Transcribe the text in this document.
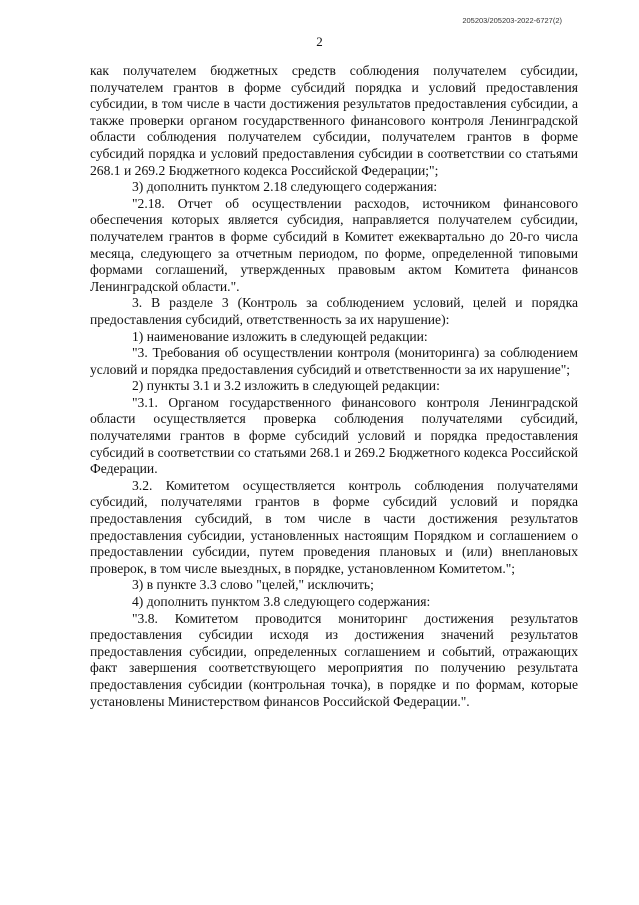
205203/205203-2022-6727(2)
2

как получателем бюджетных средств соблюдения получателем субсидии, получателем грантов в форме субсидий порядка и условий предоставления субсидии, в том числе в части достижения результатов предоставления субсидии, а также проверки органом государственного финансового контроля Ленинградской области соблюдения получателем субсидии, получателем грантов в форме субсидий порядка и условий предоставления субсидии в соответствии со статьями 268.1 и 269.2 Бюджетного кодекса Российской Федерации;";

3) дополнить пунктом 2.18 следующего содержания:

"2.18. Отчет об осуществлении расходов, источником финансового обеспечения которых является субсидия, направляется получателем субсидии, получателем грантов в форме субсидий в Комитет ежеквартально до 20-го числа месяца, следующего за отчетным периодом, по форме, определенной типовыми формами соглашений, утвержденных правовым актом Комитета финансов Ленинградской области.".

3. В разделе 3 (Контроль за соблюдением условий, целей и порядка предоставления субсидий, ответственность за их нарушение):

1) наименование изложить в следующей редакции:

"3. Требования об осуществлении контроля (мониторинга) за соблюдением условий и порядка предоставления субсидий и ответственности за их нарушение";

2) пункты 3.1 и 3.2 изложить в следующей редакции:

"3.1. Органом государственного финансового контроля Ленинградской области осуществляется проверка соблюдения получателями субсидий, получателями грантов в форме субсидий условий и порядка предоставления субсидий в соответствии со статьями 268.1 и 269.2 Бюджетного кодекса Российской Федерации.

3.2. Комитетом осуществляется контроль соблюдения получателями субсидий, получателями грантов в форме субсидий условий и порядка предоставления субсидий, в том числе в части достижения результатов предоставления субсидии, установленных настоящим Порядком и соглашением о предоставлении субсидии, путем проведения плановых и (или) внеплановых проверок, в том числе выездных, в порядке, установленном Комитетом.";

3) в пункте 3.3 слово "целей," исключить;

4) дополнить пунктом 3.8 следующего содержания:

"3.8. Комитетом проводится мониторинг достижения результатов предоставления субсидии исходя из достижения значений результатов предоставления субсидии, определенных соглашением и событий, отражающих факт завершения соответствующего мероприятия по получению результата предоставления субсидии (контрольная точка), в порядке и по формам, которые установлены Министерством финансов Российской Федерации.".
